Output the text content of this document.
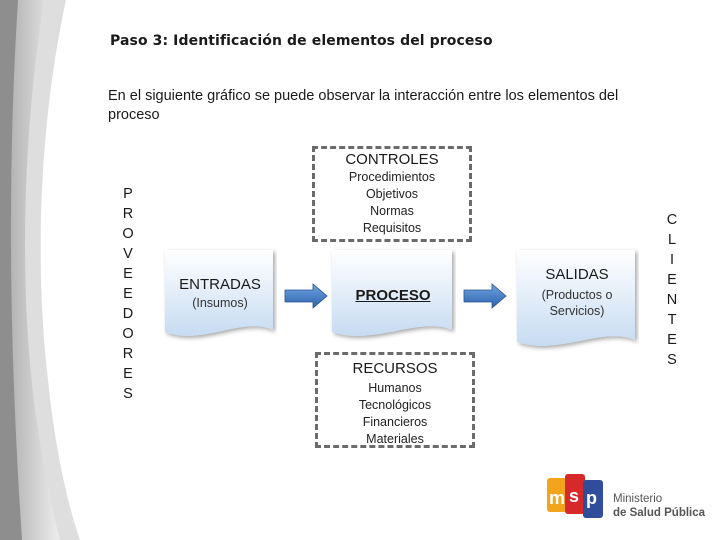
Paso 3: Identificación de elementos del proceso
En el siguiente gráfico se puede observar la interacción entre los elementos del proceso
P
R
O
V
E
E
D
O
R
E
S
C
L
I
E
N
T
E
S
CONTROLES
Procedimientos
Objetivos
Normas
Requisitos
ENTRADAS
(Insumos)	PROCESO
SALIDAS
(Productos o
Servicios)
RECURSOS
Humanos
Tecnológicos
Financieros
Materiales
m s p Ministerio
de Salud Pública
